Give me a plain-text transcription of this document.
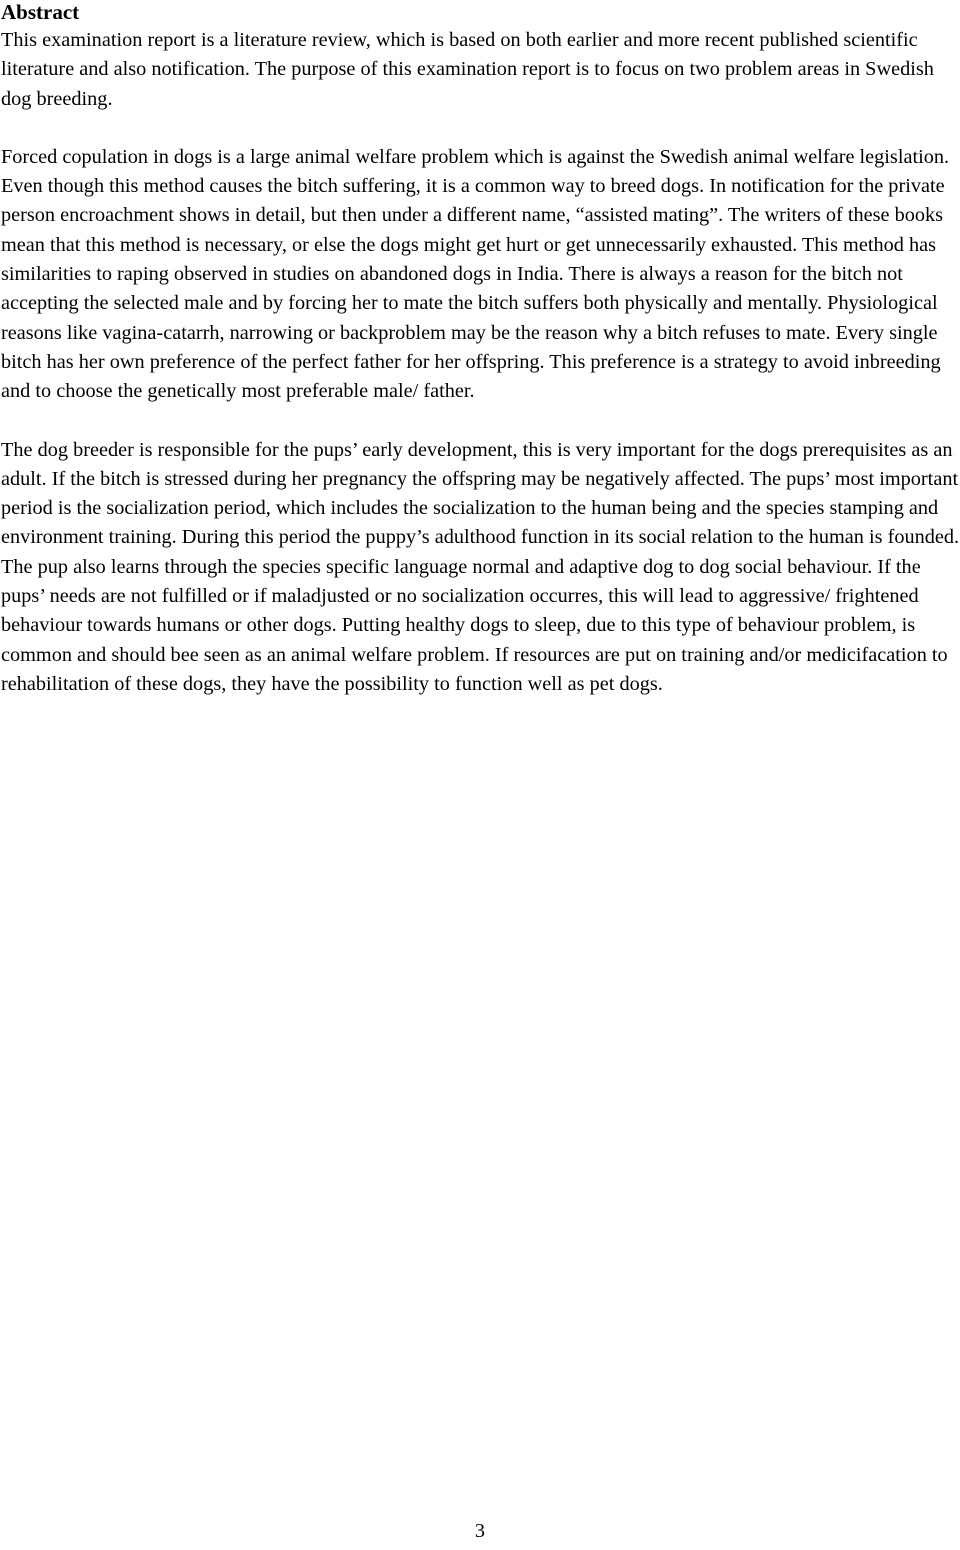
Abstract

This examination report is a literature review, which is based on both earlier and more recent published scientific literature and also notification. The purpose of this examination report is to focus on two problem areas in Swedish dog breeding.

Forced copulation in dogs is a large animal welfare problem which is against the Swedish animal welfare legislation. Even though this method causes the bitch suffering, it is a common way to breed dogs. In notification for the private person encroachment shows in detail, but then under a different name, “assisted mating”. The writers of these books mean that this method is necessary, or else the dogs might get hurt or get unnecessarily exhausted. This method has similarities to raping observed in studies on abandoned dogs in India. There is always a reason for the bitch not accepting the selected male and by forcing her to mate the bitch suffers both physically and mentally. Physiological reasons like vagina-catarrh, narrowing or backproblem may be the reason why a bitch refuses to mate. Every single bitch has her own preference of the perfect father for her offspring. This preference is a strategy to avoid inbreeding and to choose the genetically most preferable male/ father.

The dog breeder is responsible for the pups’ early development, this is very important for the dogs prerequisites as an adult. If the bitch is stressed during her pregnancy the offspring may be negatively affected. The pups’ most important period is the socialization period, which includes the socialization to the human being and the species stamping and environment training. During this period the puppy’s adulthood function in its social relation to the human is founded. The pup also learns through the species specific language normal and adaptive dog to dog social behaviour. If the pups’ needs are not fulfilled or if maladjusted or no socialization occurres, this will lead to aggressive/ frightened behaviour towards humans or other dogs. Putting healthy dogs to sleep, due to this type of behaviour problem, is common and should bee seen as an animal welfare problem. If resources are put on training and/or medicifacation to rehabilitation of these dogs, they have the possibility to function well as pet dogs.

3
